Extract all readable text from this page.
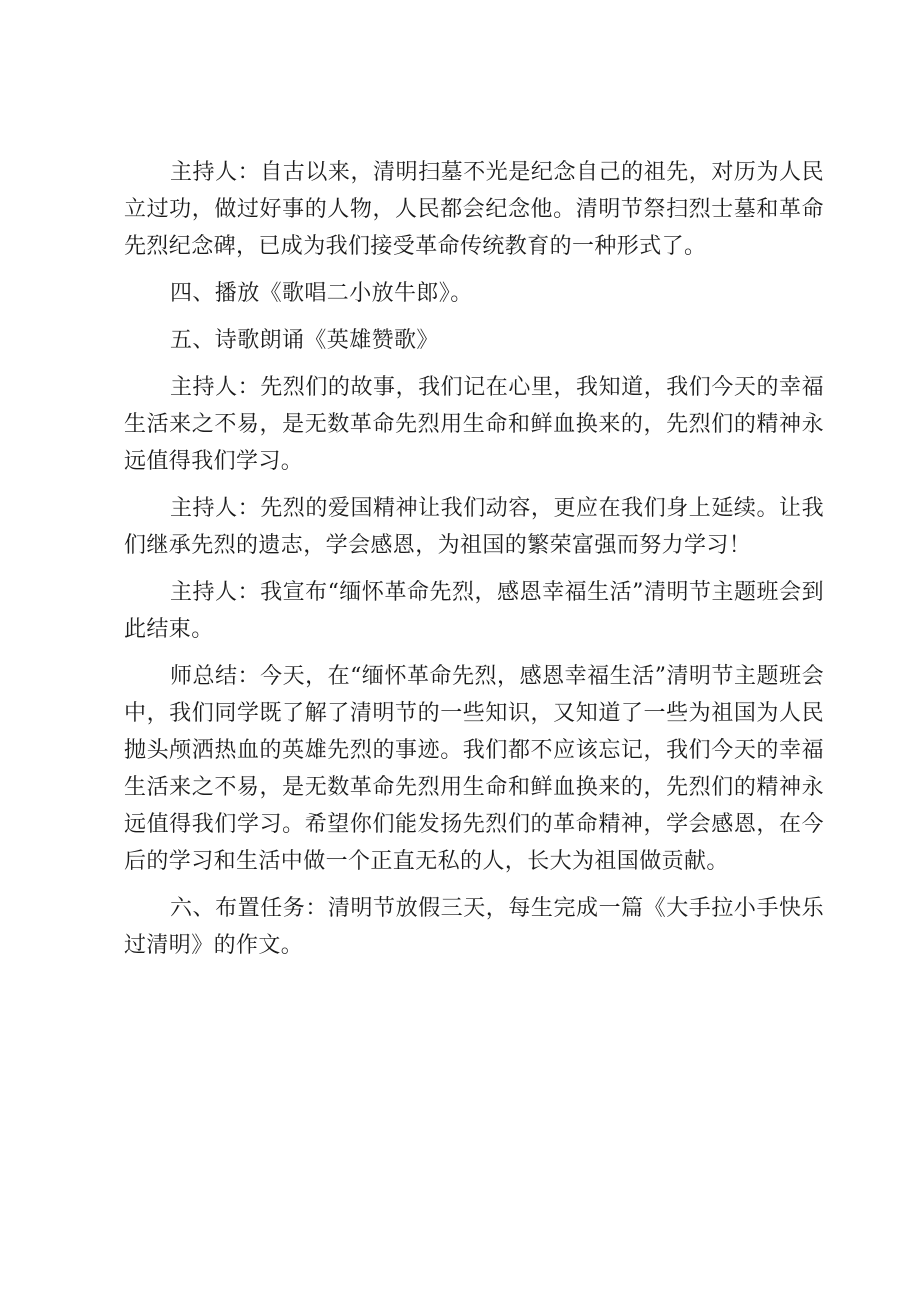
主持人：自古以来，清明扫墓不光是纪念自己的祖先，对历为人民立过功，做过好事的人物，人民都会纪念他。清明节祭扫烈士墓和革命先烈纪念碑，已成为我们接受革命传统教育的一种形式了。

四、播放《歌唱二小放牛郎》。

五、诗歌朗诵《英雄赞歌》

主持人：先烈们的故事，我们记在心里，我知道，我们今天的幸福生活来之不易，是无数革命先烈用生命和鲜血换来的，先烈们的精神永远值得我们学习。

主持人：先烈的爱国精神让我们动容，更应在我们身上延续。让我们继承先烈的遗志，学会感恩，为祖国的繁荣富强而努力学习！

主持人：我宣布“缅怀革命先烈，感恩幸福生活”清明节主题班会到此结束。

师总结：今天，在“缅怀革命先烈，感恩幸福生活”清明节主题班会中，我们同学既了解了清明节的一些知识，又知道了一些为祖国为人民抛头颅洒热血的英雄先烈的事迹。我们都不应该忘记，我们今天的幸福生活来之不易，是无数革命先烈用生命和鲜血换来的，先烈们的精神永远值得我们学习。希望你们能发扬先烈们的革命精神，学会感恩，在今后的学习和生活中做一个正直无私的人，长大为祖国做贡献。

六、布置任务：清明节放假三天，每生完成一篇《大手拉小手快乐过清明》的作文。
